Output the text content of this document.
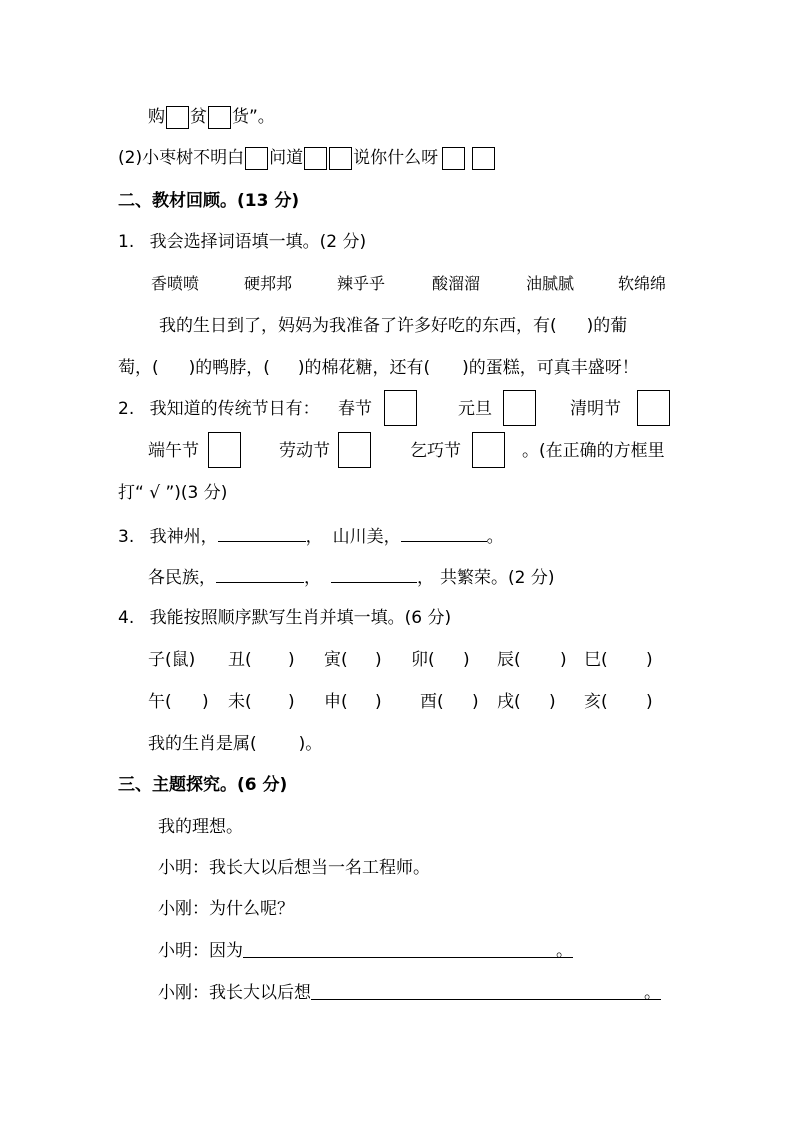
购 贫 货”。
(2)小枣树不明白 问道	说你什么呀
二、教材回顾。(13 分)
1. 我会选择词语填一填。(2 分)
香喷喷	硬邦邦	辣乎乎	酸溜溜	油腻腻	软绵绵
我的生日到了，妈妈为我准备了许多好吃的东西，有( )的葡
萄，( )的鸭脖，( )的棉花糖，还有( )的蛋糕，可真丰盛呀！
2. 我知道的传统节日有： 春节	元旦	清明节
端午节	劳动节	乞巧节	。(在正确的方框里
打“ √ ”)(3 分)
3. 我神州，	， 山川美，	。
各民族，	，	， 共繁荣。(2 分)
4. 我能按照顺序默写生肖并填一填。(6 分)
子(鼠) 丑( ) 寅( ) 卯( ) 辰( ) 巳( )
午( ) 未( ) 申( ) 酉( ) 戌( ) 亥( )
我的生肖是属( )。
三、主题探究。(6 分)
我的理想。
小明：我长大以后想当一名工程师。
小刚：为什么呢？
小明：因为	。
小刚：我长大以后想	。
